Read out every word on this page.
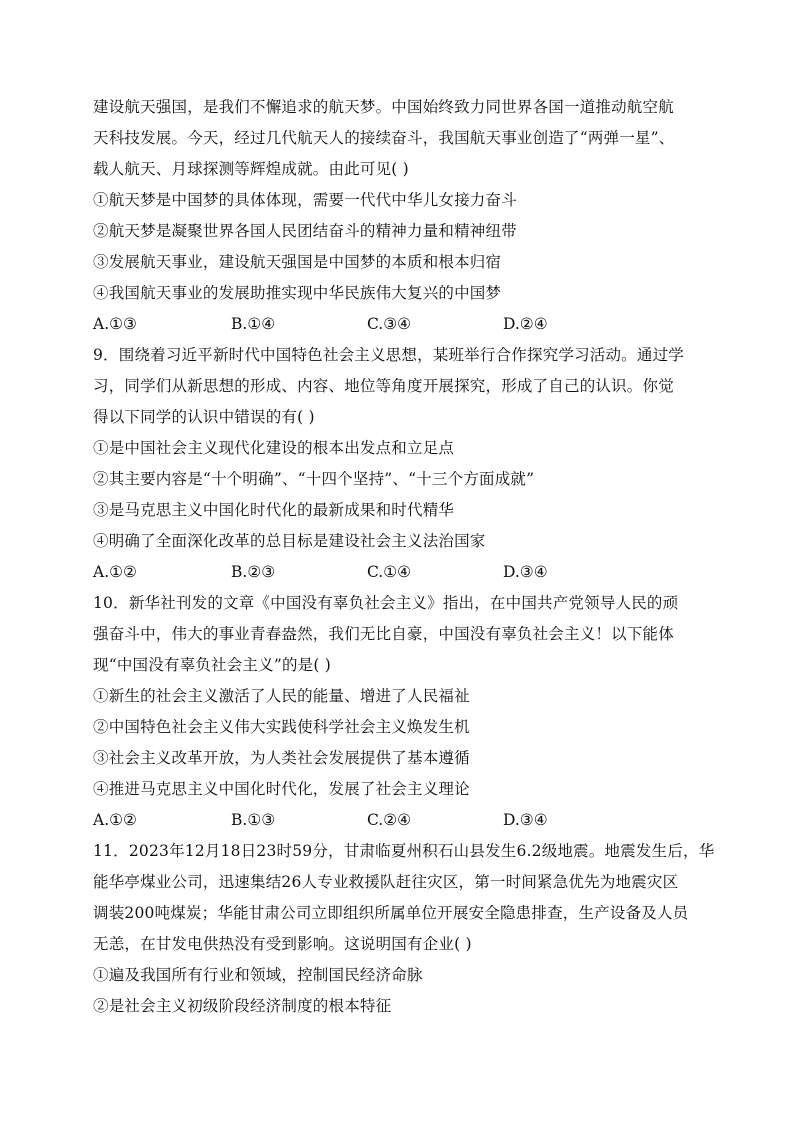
建设航天强国，是我们不懈追求的航天梦。中国始终致力同世界各国一道推动航空航
天科技发展。今天，经过几代航天人的接续奋斗，我国航天事业创造了“两弹一星”、
载人航天、月球探测等辉煌成就。由此可见( )
①航天梦是中国梦的具体体现，需要一代代中华儿女接力奋斗
②航天梦是凝聚世界各国人民团结奋斗的精神力量和精神纽带
③发展航天事业，建设航天强国是中国梦的本质和根本归宿
④我国航天事业的发展助推实现中华民族伟大复兴的中国梦
A.①③	B.①④	C.③④	D.②④
9．围绕着习近平新时代中国特色社会主义思想，某班举行合作探究学习活动。通过学
习，同学们从新思想的形成、内容、地位等角度开展探究，形成了自己的认识。你觉
得以下同学的认识中错误的有( )
①是中国社会主义现代化建设的根本出发点和立足点
②其主要内容是“十个明确”、“十四个坚持”、“十三个方面成就”
③是马克思主义中国化时代化的最新成果和时代精华
④明确了全面深化改革的总目标是建设社会主义法治国家
A.①②	B.②③	C.①④	D.③④
10．新华社刊发的文章《中国没有辜负社会主义》指出，在中国共产党领导人民的顽
强奋斗中，伟大的事业青春盎然，我们无比自豪，中国没有辜负社会主义！以下能体
现“中国没有辜负社会主义”的是( )
①新生的社会主义激活了人民的能量、增进了人民福祉
②中国特色社会主义伟大实践使科学社会主义焕发生机
③社会主义改革开放，为人类社会发展提供了基本遵循
④推进马克思主义中国化时代化，发展了社会主义理论
A.①②	B.①③	C.②④	D.③④
11．2023年12月18日23时59分，甘肃临夏州积石山县发生6.2级地震。地震发生后，华
能华亭煤业公司，迅速集结26人专业救援队赶往灾区，第一时间紧急优先为地震灾区
调装200吨煤炭；华能甘肃公司立即组织所属单位开展安全隐患排查，生产设备及人员
无恙，在甘发电供热没有受到影响。这说明国有企业( )
①遍及我国所有行业和领域，控制国民经济命脉
②是社会主义初级阶段经济制度的根本特征
